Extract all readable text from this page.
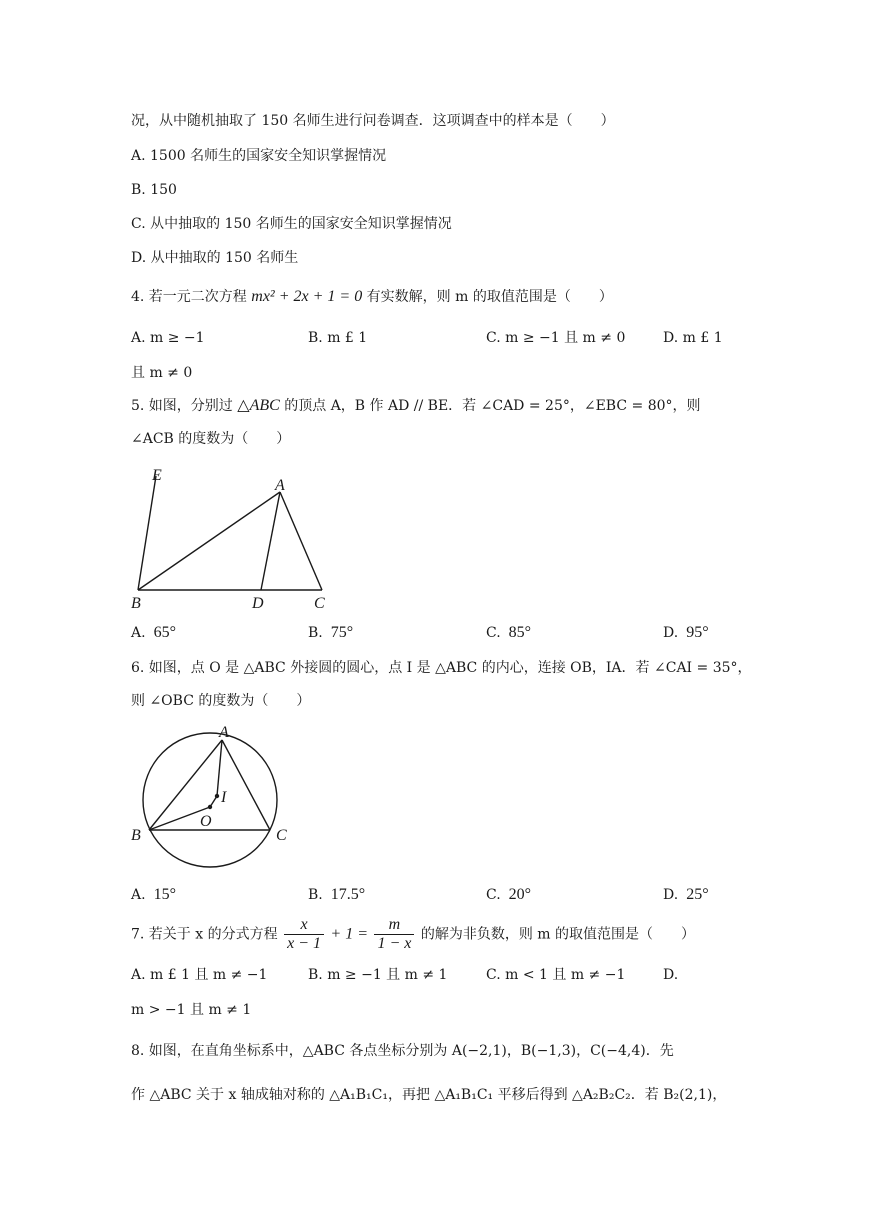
况，从中随机抽取了 150 名师生进行问卷调查．这项调查中的样本是（　　）
A. 1500 名师生的国家安全知识掌握情况
B. 150
C. 从中抽取的 150 名师生的国家安全知识掌握情况
D. 从中抽取的 150 名师生
4. 若一元二次方程 mx² + 2x + 1 = 0 有实数解，则 m 的取值范围是（　　）
A. m ≥ −1	B. m £ 1	C. m ≥ −1 且 m ≠ 0	D. m £ 1
且 m ≠ 0
5. 如图，分别过 △ABC 的顶点 A，B 作 AD // BE．若 ∠CAD = 25°，∠EBC = 80°，则
∠ACB 的度数为（　　）
E
A
B	D	C
A. 65°	B. 75°	C. 85°	D. 95°
6. 如图，点 O 是 △ABC 外接圆的圆心，点 I 是 △ABC 的内心，连接 OB，IA．若 ∠CAI = 35°，
则 ∠OBC 的度数为（　　）
A
I
O
B	C
A. 15°	B. 17.5°	C. 20°	D. 25°
7. 若关于 x 的分式方程 $\frac{x}{x - 1} + 1 = \frac{m}{1 - x}$ 的解为非负数，则 m 的取值范围是（　　）
A. m £ 1 且 m ≠ −1	B. m ≥ −1 且 m ≠ 1	C. m < 1 且 m ≠ −1	D.
m > −1 且 m ≠ 1
8. 如图，在直角坐标系中，△ABC 各点坐标分别为 A(−2,1)，B(−1,3)，C(−4,4)．先
作 △ABC 关于 x 轴成轴对称的 △A₁B₁C₁，再把 △A₁B₁C₁ 平移后得到 △A₂B₂C₂．若 B₂(2,1)，
